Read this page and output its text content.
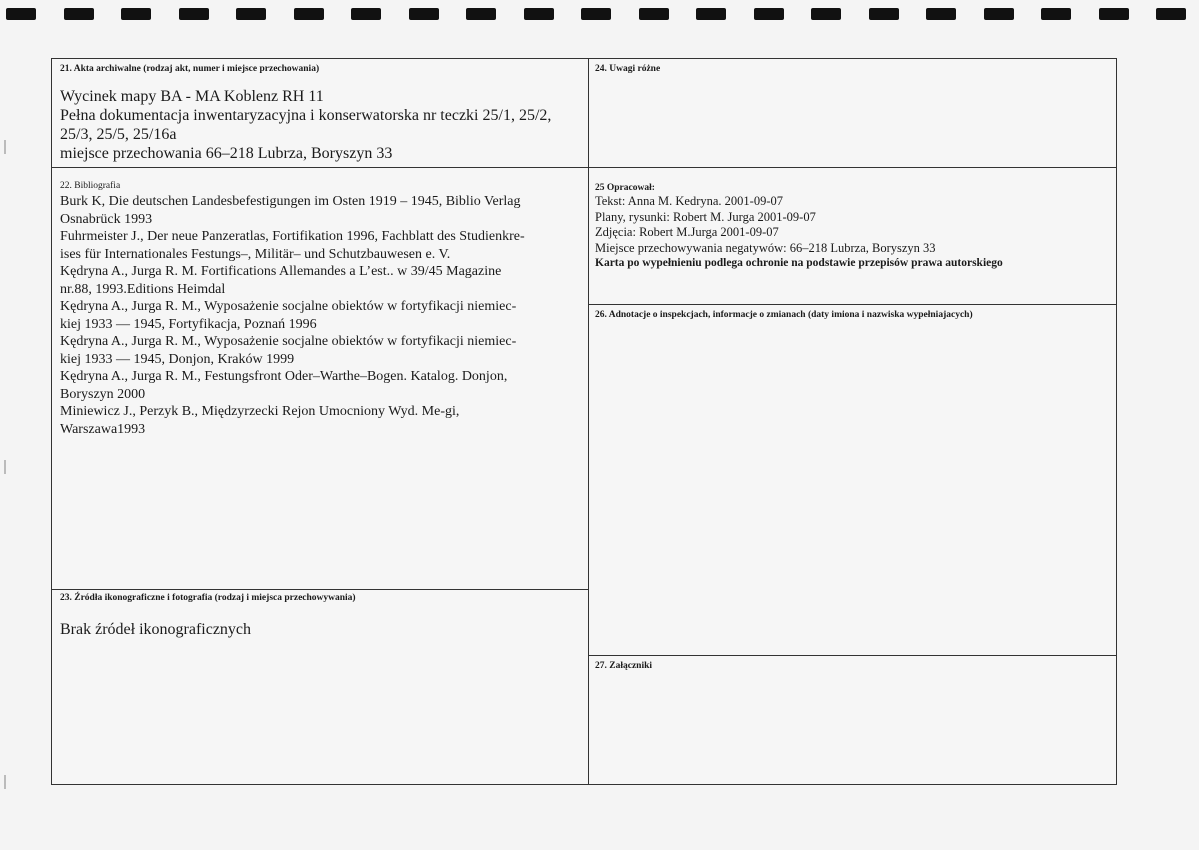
21. Akta archiwalne (rodzaj akt, numer i miejsce przechowania)
Wycinek mapy BA - MA Koblenz RH 11
Pełna dokumentacja inwentaryzacyjna i konserwatorska nr teczki 25/1, 25/2,
25/3, 25/5, 25/16a
miejsce przechowania 66–218 Lubrza, Boryszyn 33
24. Uwagi różne
22. Bibliografia
Burk K, Die deutschen Landesbefestigungen im Osten 1919 – 1945, Biblio Verlag
Osnabrück 1993
Fuhrmeister J., Der neue Panzeratlas, Fortifikation 1996, Fachblatt des Studienkre-
ises für Internationales Festungs–, Militär– und Schutzbauwesen e. V.
Kędryna A., Jurga R. M. Fortifications Allemandes a L’est.. w 39/45 Magazine
nr.88, 1993.Editions Heimdal
Kędryna A., Jurga R. M., Wyposażenie socjalne obiektów w fortyfikacji niemiec-
kiej 1933 — 1945, Fortyfikacja, Poznań 1996
Kędryna A., Jurga R. M., Wyposażenie socjalne obiektów w fortyfikacji niemiec-
kiej 1933 — 1945, Donjon, Kraków 1999
Kędryna A., Jurga R. M., Festungsfront Oder–Warthe–Bogen. Katalog. Donjon,
Boryszyn 2000
Miniewicz J., Perzyk B., Międzyrzecki Rejon Umocniony Wyd. Me-gi,
Warszawa1993
25 Opracował:
Tekst: Anna M. Kedryna. 2001-09-07
Plany, rysunki: Robert M. Jurga 2001-09-07
Zdjęcia: Robert M.Jurga 2001-09-07
Miejsce przechowywania negatywów: 66–218 Lubrza, Boryszyn 33
Karta po wypełnieniu podlega ochronie na podstawie przepisów prawa autorskiego
26. Adnotacje o inspekcjach, informacje o zmianach (daty imiona i nazwiska wypełniajacych)
23. Źródła ikonograficzne i fotografia (rodzaj i miejsca przechowywania)
Brak źródeł ikonograficznych
27. Załączniki
